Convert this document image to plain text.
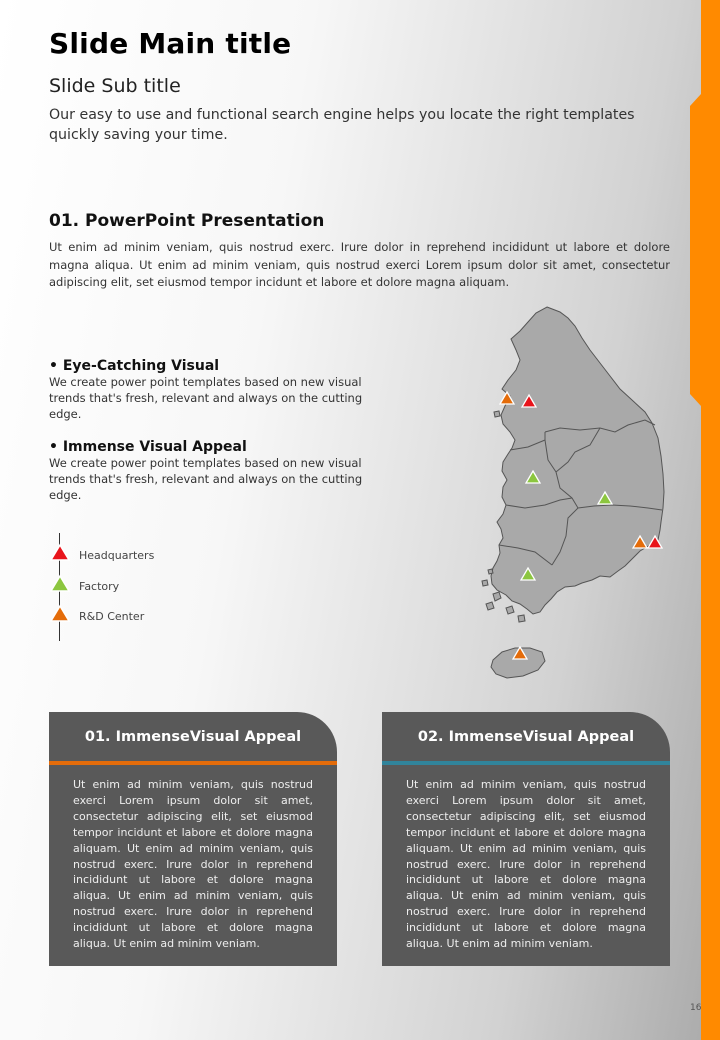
Slide Main title
Slide Sub title
Our easy to use and functional search engine helps you locate the right templates quickly saving your time.
01. PowerPoint Presentation
Ut enim ad minim veniam, quis nostrud exerc. Irure dolor in reprehend incididunt ut labore et dolore magna aliqua. Ut enim ad minim veniam, quis nostrud exerci Lorem ipsum dolor sit amet, consectetur adipiscing elit, set eiusmod tempor incidunt et labore et dolore magna aliquam.
• Eye-Catching Visual
We create power point templates based on new visual trends that's fresh, relevant and always on the cutting edge.
• Immense Visual Appeal
We create power point templates based on new visual trends that's fresh, relevant and always on the cutting edge.
Headquarters
Factory
R&D Center
01. ImmenseVisual Appeal
Ut enim ad minim veniam, quis nostrud exerci Lorem ipsum dolor sit amet, consectetur adipiscing elit, set eiusmod tempor incidunt et labore et dolore magna aliquam. Ut enim ad minim veniam, quis nostrud exerc. Irure dolor in reprehend incididunt ut labore et dolore magna aliqua. Ut enim ad minim veniam, quis nostrud exerc. Irure dolor in reprehend incididunt ut labore et dolore magna aliqua. Ut enim ad minim veniam.
02. ImmenseVisual Appeal
Ut enim ad minim veniam, quis nostrud exerci Lorem ipsum dolor sit amet, consectetur adipiscing elit, set eiusmod tempor incidunt et labore et dolore magna aliquam. Ut enim ad minim veniam, quis nostrud exerc. Irure dolor in reprehend incididunt ut labore et dolore magna aliqua. Ut enim ad minim veniam, quis nostrud exerc. Irure dolor in reprehend incididunt ut labore et dolore magna aliqua. Ut enim ad minim veniam.
16
